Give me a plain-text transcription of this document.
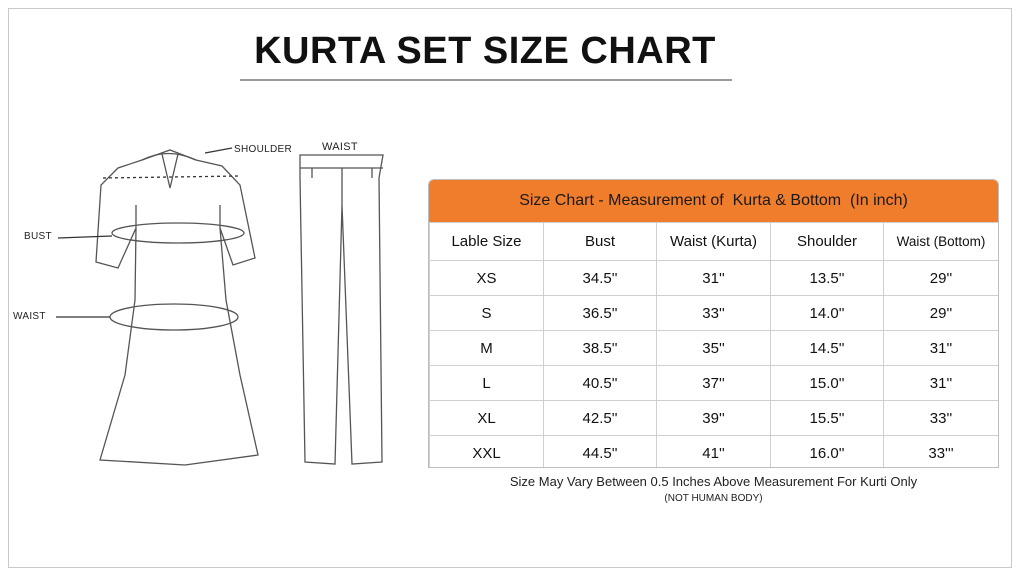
KURTA SET SIZE CHART
SHOULDER	WAIST
BUST
WAIST
Size Chart - Measurement of  Kurta & Bottom  (In inch)
Lable Size	Bust	Waist (Kurta)	Shoulder	Waist (Bottom)
XS	34.5''	31''	13.5''	29''
S	36.5''	33''	14.0''	29''
M	38.5''	35''	14.5''	31''
L	40.5''	37''	15.0''	31''
XL	42.5''	39''	15.5''	33''
XXL	44.5''	41''	16.0''	33'''
Size May Vary Between 0.5 Inches Above Measurement For Kurti Only
(NOT HUMAN BODY)
